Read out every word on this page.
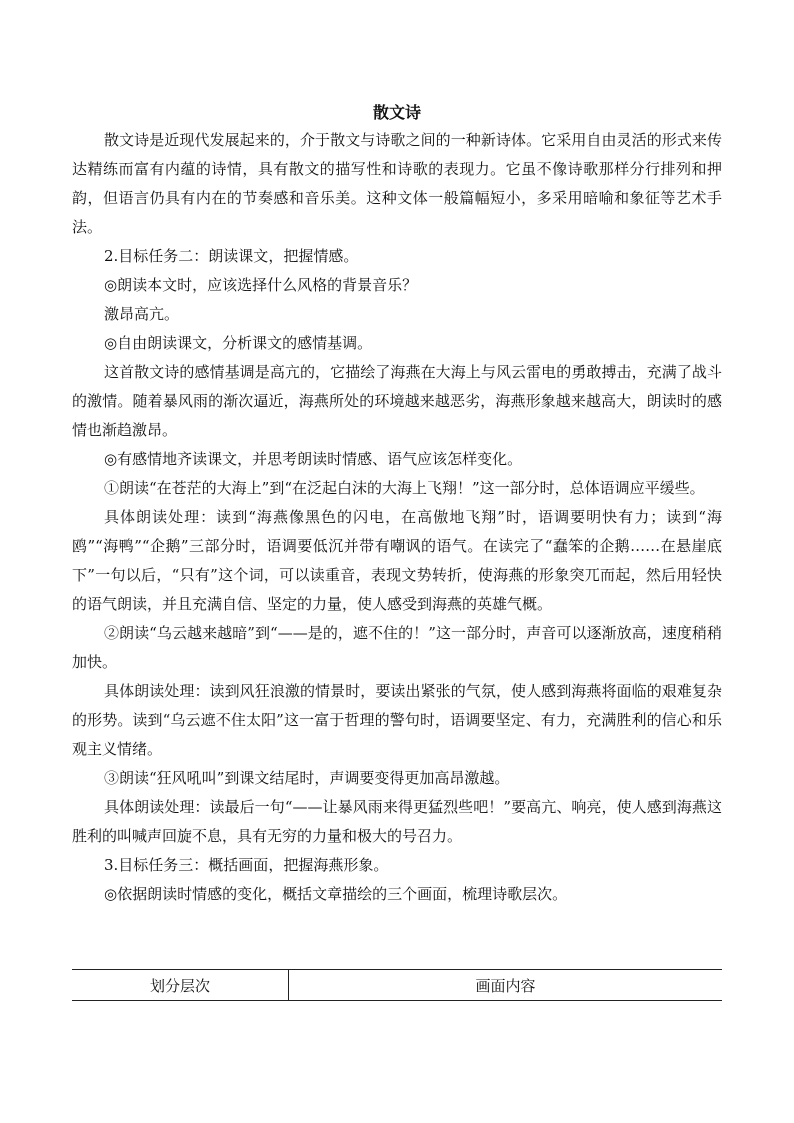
散文诗

散文诗是近现代发展起来的，介于散文与诗歌之间的一种新诗体。它采用自由灵活的形式来传达精练而富有内蕴的诗情，具有散文的描写性和诗歌的表现力。它虽不像诗歌那样分行排列和押韵，但语言仍具有内在的节奏感和音乐美。这种文体一般篇幅短小，多采用暗喻和象征等艺术手法。

2.目标任务二：朗读课文，把握情感。

◎朗读本文时，应该选择什么风格的背景音乐？

激昂高亢。

◎自由朗读课文，分析课文的感情基调。

这首散文诗的感情基调是高亢的，它描绘了海燕在大海上与风云雷电的勇敢搏击，充满了战斗的激情。随着暴风雨的渐次逼近，海燕所处的环境越来越恶劣，海燕形象越来越高大，朗读时的感情也渐趋激昂。

◎有感情地齐读课文，并思考朗读时情感、语气应该怎样变化。

①朗读“在苍茫的大海上”到“在泛起白沫的大海上飞翔！”这一部分时，总体语调应平缓些。

具体朗读处理：读到“海燕像黑色的闪电，在高傲地飞翔”时，语调要明快有力；读到“海鸥”“海鸭”“企鹅”三部分时，语调要低沉并带有嘲讽的语气。在读完了“蠢笨的企鹅……在悬崖底下”一句以后，“只有”这个词，可以读重音，表现文势转折，使海燕的形象突兀而起，然后用轻快的语气朗读，并且充满自信、坚定的力量，使人感受到海燕的英雄气概。

②朗读“乌云越来越暗”到“——是的，遮不住的！”这一部分时，声音可以逐渐放高，速度稍稍加快。

具体朗读处理：读到风狂浪激的情景时，要读出紧张的气氛，使人感到海燕将面临的艰难复杂的形势。读到“乌云遮不住太阳”这一富于哲理的警句时，语调要坚定、有力，充满胜利的信心和乐观主义情绪。

③朗读“狂风吼叫”到课文结尾时，声调要变得更加高昂激越。

具体朗读处理：读最后一句“——让暴风雨来得更猛烈些吧！”要高亢、响亮，使人感到海燕这胜利的叫喊声回旋不息，具有无穷的力量和极大的号召力。

3.目标任务三：概括画面，把握海燕形象。

◎依据朗读时情感的变化，概括文章描绘的三个画面，梳理诗歌层次。

划分层次	画面内容
